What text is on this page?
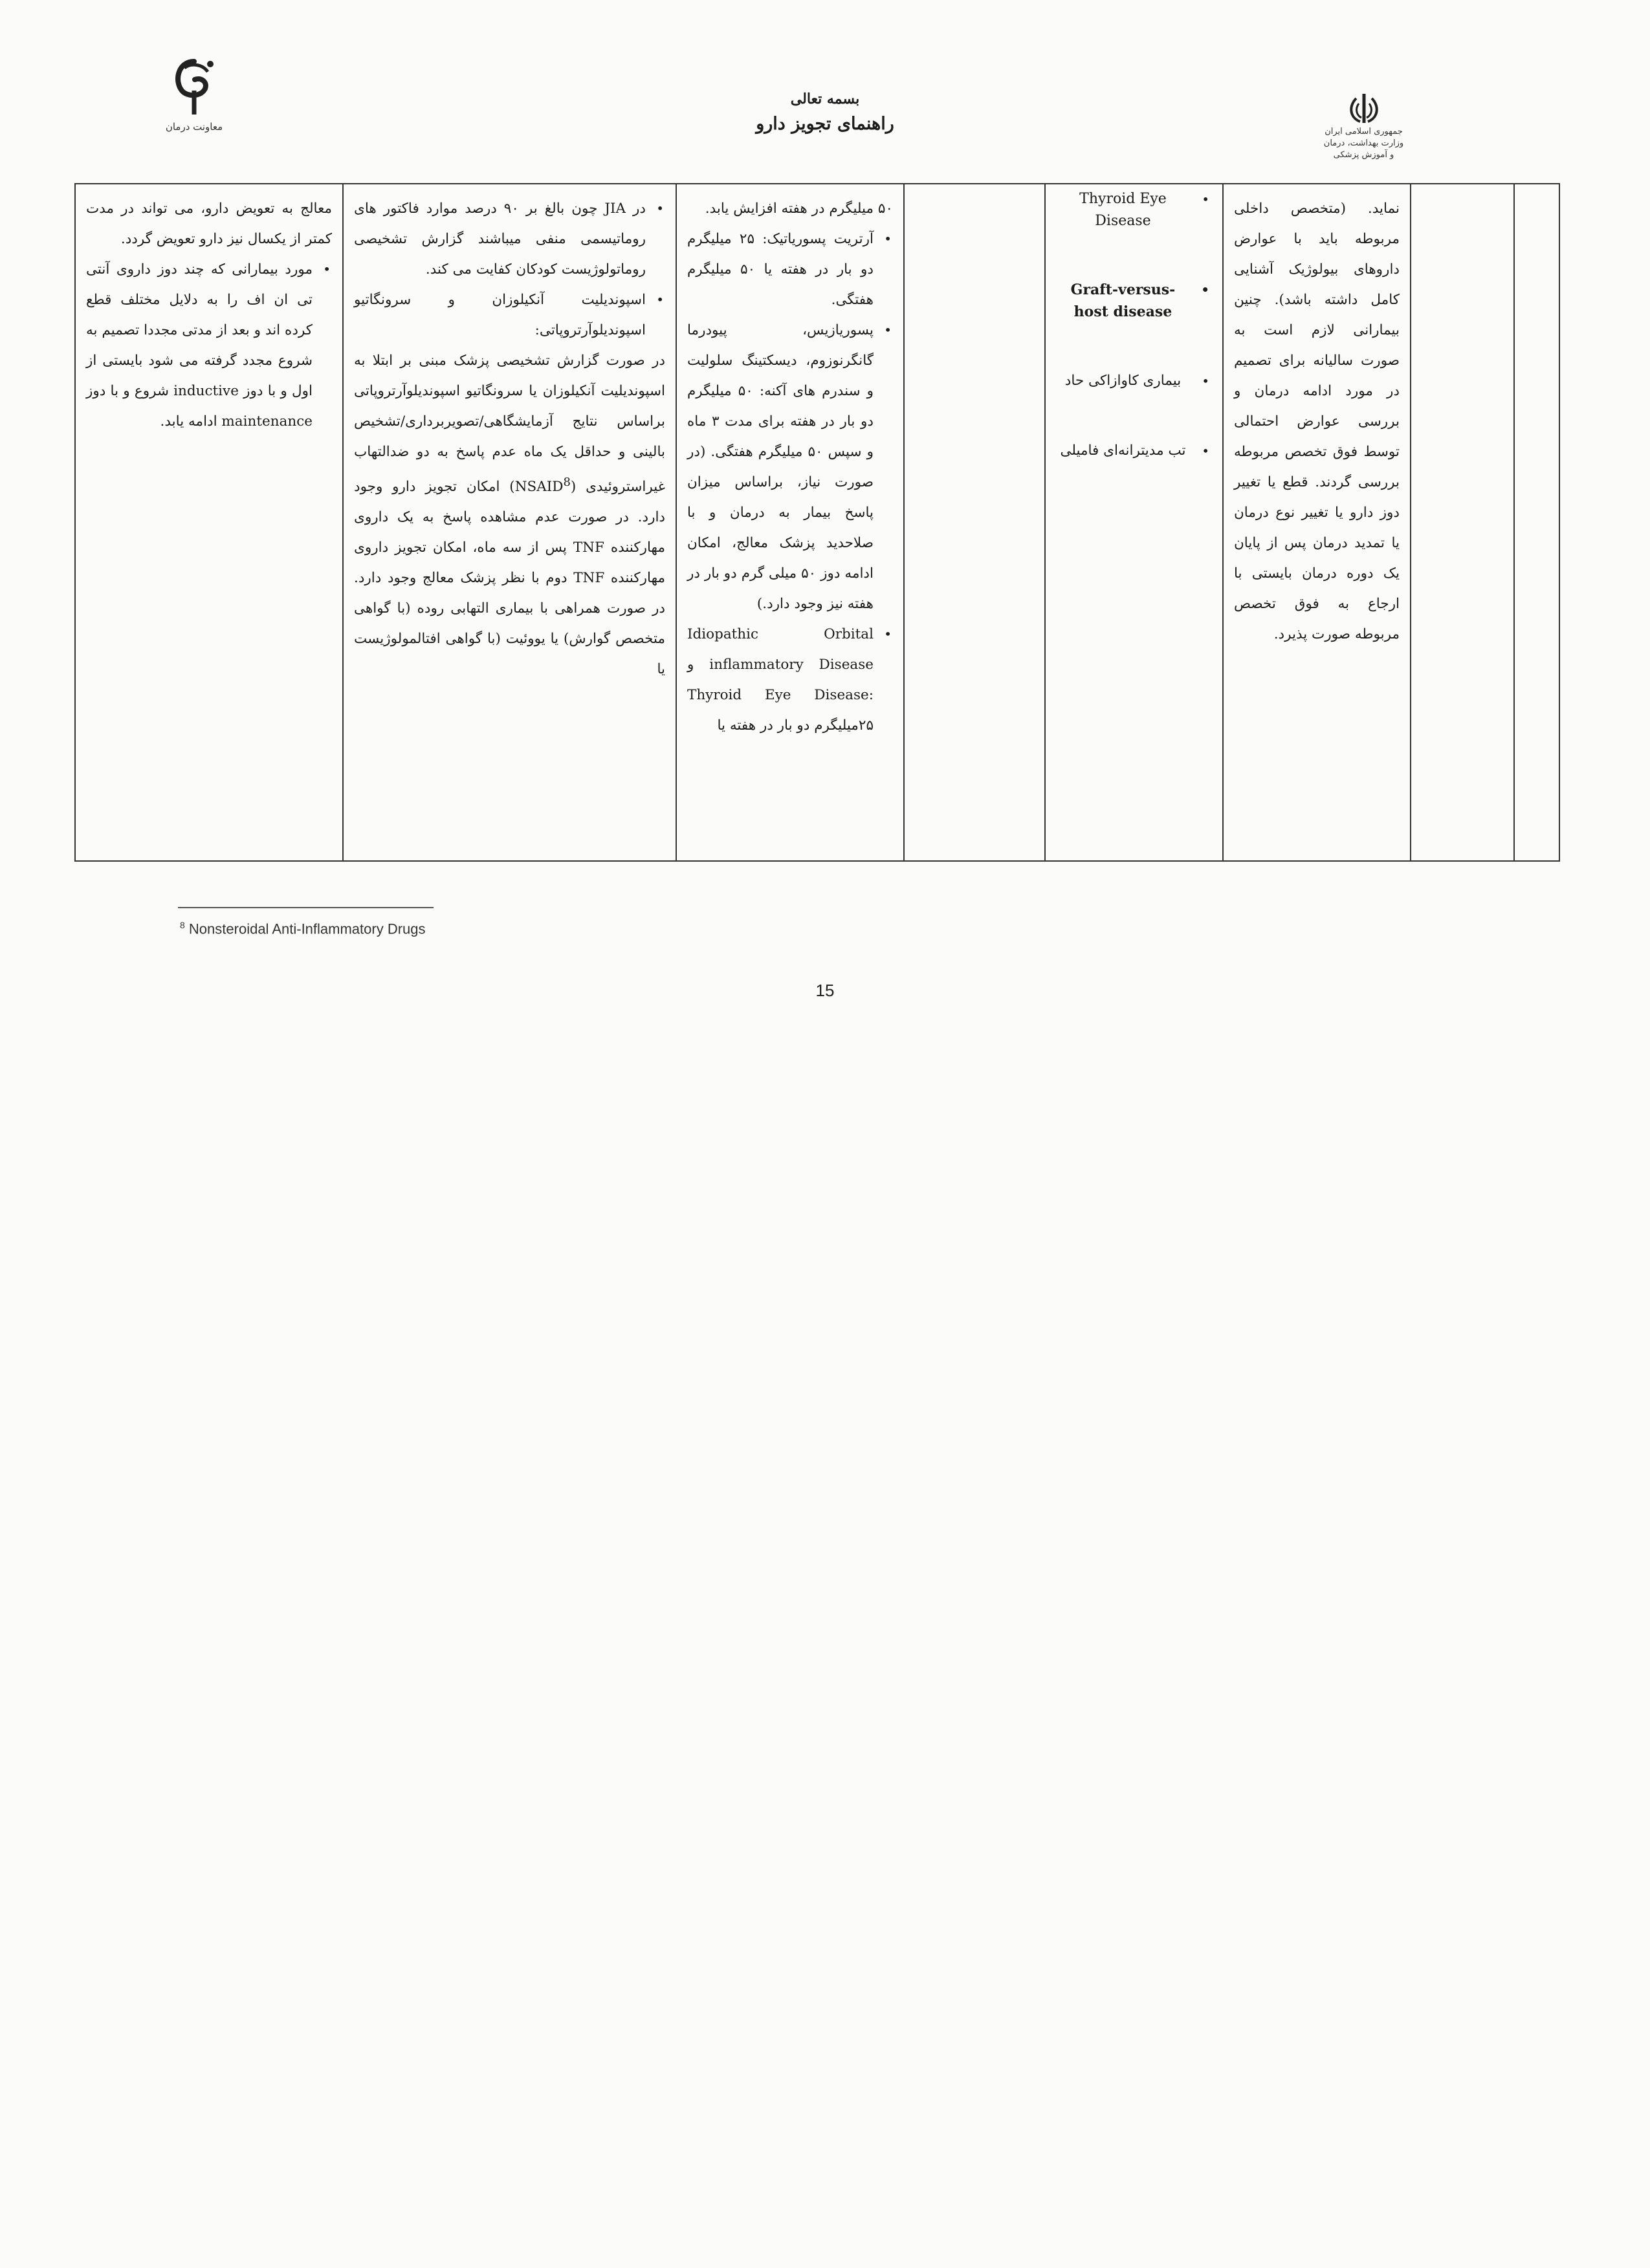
معاونت درمان
بسمه تعالی
راهنمای تجویز دارو	جمهوری اسلامی ایران
وزارت بهداشت، درمان و آموزش پزشکی

نماید. (متخصص داخلی مربوطه باید با عوارض داروهای بیولوژیک آشنایی کامل داشته باشد). چنین بیمارانی لازم است به صورت سالیانه برای تصمیم در مورد ادامه درمان و بررسی عوارض احتمالی توسط فوق تخصص مربوطه بررسی گردند. قطع یا تغییر دوز دارو یا تغییر نوع درمان یا تمدید درمان پس از پایان یک دوره درمان بایستی با ارجاع به فوق تخصص مربوطه صورت پذیرد.

• Thyroid Eye Disease
• Graft-versus-host disease
• بیماری کاوازاکی حاد
• تب مدیترانه‌ای فامیلی

۵۰ میلیگرم در هفته افزایش یابد.

• آرتریت پسوریاتیک: ۲۵ میلیگرم دو بار در هفته یا ۵۰ میلیگرم هفتگی.
• پسوریازیس، پیودرما گانگرنوزوم، دیسکتینگ سلولیت و سندرم های آکنه: ۵۰ میلیگرم دو بار در هفته برای مدت ۳ ماه و سپس ۵۰ میلیگرم هفتگی. (در صورت نیاز، براساس میزان پاسخ بیمار به درمان و با صلاحدید پزشک معالج، امکان ادامه دوز ۵۰ میلی گرم دو بار در هفته نیز وجود دارد.)
• Idiopathic Orbital inflammatory Disease و Thyroid Eye Disease: ۲۵میلیگرم دو بار در هفته یا

• در JIA چون بالغ بر ۹۰ درصد موارد فاکتور های روماتیسمی منفی میباشند گزارش تشخیصی روماتولوژیست کودکان کفایت می کند.
• اسپوندیلیت آنکیلوزان و سرونگاتیو اسپوندیلوآرتروپاتی:

در صورت گزارش تشخیصی پزشک مبنی بر ابتلا به اسپوندیلیت آنکیلوزان یا سرونگاتیو اسپوندیلوآرتروپاتی براساس نتایج آزمایشگاهی/تصویربرداری/تشخیص بالینی و حداقل یک ماه عدم پاسخ به دو ضدالتهاب غیراستروئیدی (NSAID$^8$) امکان تجویز دارو وجود دارد. در صورت عدم مشاهده پاسخ به یک داروی مهارکننده TNF پس از سه ماه، امکان تجویز داروی مهارکننده TNF دوم با نظر پزشک معالج وجود دارد. در صورت همراهی با بیماری التهابی روده (با گواهی متخصص گوارش) یا یووئیت (با گواهی افتالمولوژیست یا

معالج به تعویض دارو، می تواند در مدت کمتر از یکسال نیز دارو تعویض گردد.

• مورد بیمارانی که چند دوز داروی آنتی تی ان اف را به دلایل مختلف قطع کرده اند و بعد از مدتی مجددا تصمیم به شروع مجدد گرفته می شود بایستی از اول و با دوز inductive شروع و با دوز maintenance ادامه یابد.
$^8$ Nonsteroidal Anti-Inflammatory Drugs
15
